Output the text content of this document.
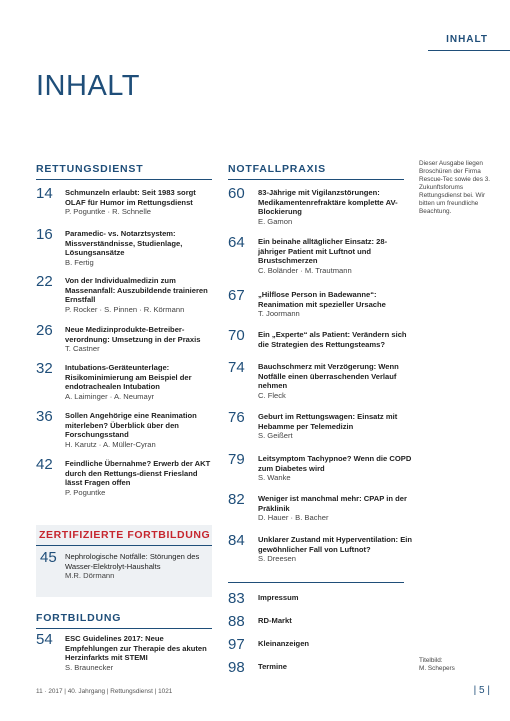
INHALT
INHALT
RETTUNGSDIENST
14	Schmunzeln erlaubt: Seit 1983 sorgt OLAF für Humor im Rettungsdienst
P. Poguntke · R. Schnelle
16	Paramedic- vs. Notarztsystem: Missverständnisse, Studienlage, Lösungsansätze
B. Fertig
22	Von der Individualmedizin zum Massenanfall: Auszubildende trainieren Ernstfall
P. Rocker · S. Pinnen · R. Körmann
26	Neue Medizinprodukte-Betreiber-verordnung: Umsetzung in der Praxis
T. Castner
32	Intubations-Geräteunterlage: Risikominimierung am Beispiel der endotrachealen Intubation
A. Laiminger · A. Neumayr
36	Sollen Angehörige eine Reanimation miterleben? Überblick über den Forschungsstand
H. Karutz · A. Müller-Cyran
42	Feindliche Übernahme? Erwerb der AKT durch den Rettungs-dienst Friesland lässt Fragen offen
P. Poguntke
ZERTIFIZIERTE FORTBILDUNG
45	Nephrologische Notfälle: Störungen des Wasser-Elektrolyt-Haushalts
M.R. Dörmann
FORTBILDUNG
54	ESC Guidelines 2017: Neue Empfehlungen zur Therapie des akuten Herzinfarkts mit STEMI
S. Braunecker
NOTFALLPRAXIS
60	83-Jährige mit Vigilanzstörungen: Medikamentenrefraktäre komplette AV-Blockierung
E. Gamon
64	Ein beinahe alltäglicher Einsatz: 28-jähriger Patient mit Luftnot und Brustschmerzen
C. Boländer · M. Trautmann
67	„Hilflose Person in Badewanne“: Reanimation mit spezieller Ursache
T. Joormann
70	Ein „Experte“ als Patient: Verändern sich die Strategien des Rettungsteams?
74	Bauchschmerz mit Verzögerung: Wenn Notfälle einen überraschenden Verlauf nehmen
C. Fleck
76	Geburt im Rettungswagen: Einsatz mit Hebamme per Telemedizin
S. Geißert
79	Leitsymptom Tachypnoe? Wenn die COPD zum Diabetes wird
S. Wanke
82	Weniger ist manchmal mehr: CPAP in der Präklinik
D. Hauer · B. Bacher
84	Unklarer Zustand mit Hyperventilation: Ein gewöhnlicher Fall von Luftnot?
S. Dreesen
83	Impressum
88	RD-Markt
97	Kleinanzeigen
98	Termine
Dieser Ausgabe liegen Broschüren der Firma Rescue-Tec sowie des 3. Zukunftsforums Rettungsdienst bei. Wir bitten um freundliche Beachtung.
Titelbild:
M. Schepers
11 · 2017 | 40. Jahrgang | Rettungsdienst | 1021	| 5 |
